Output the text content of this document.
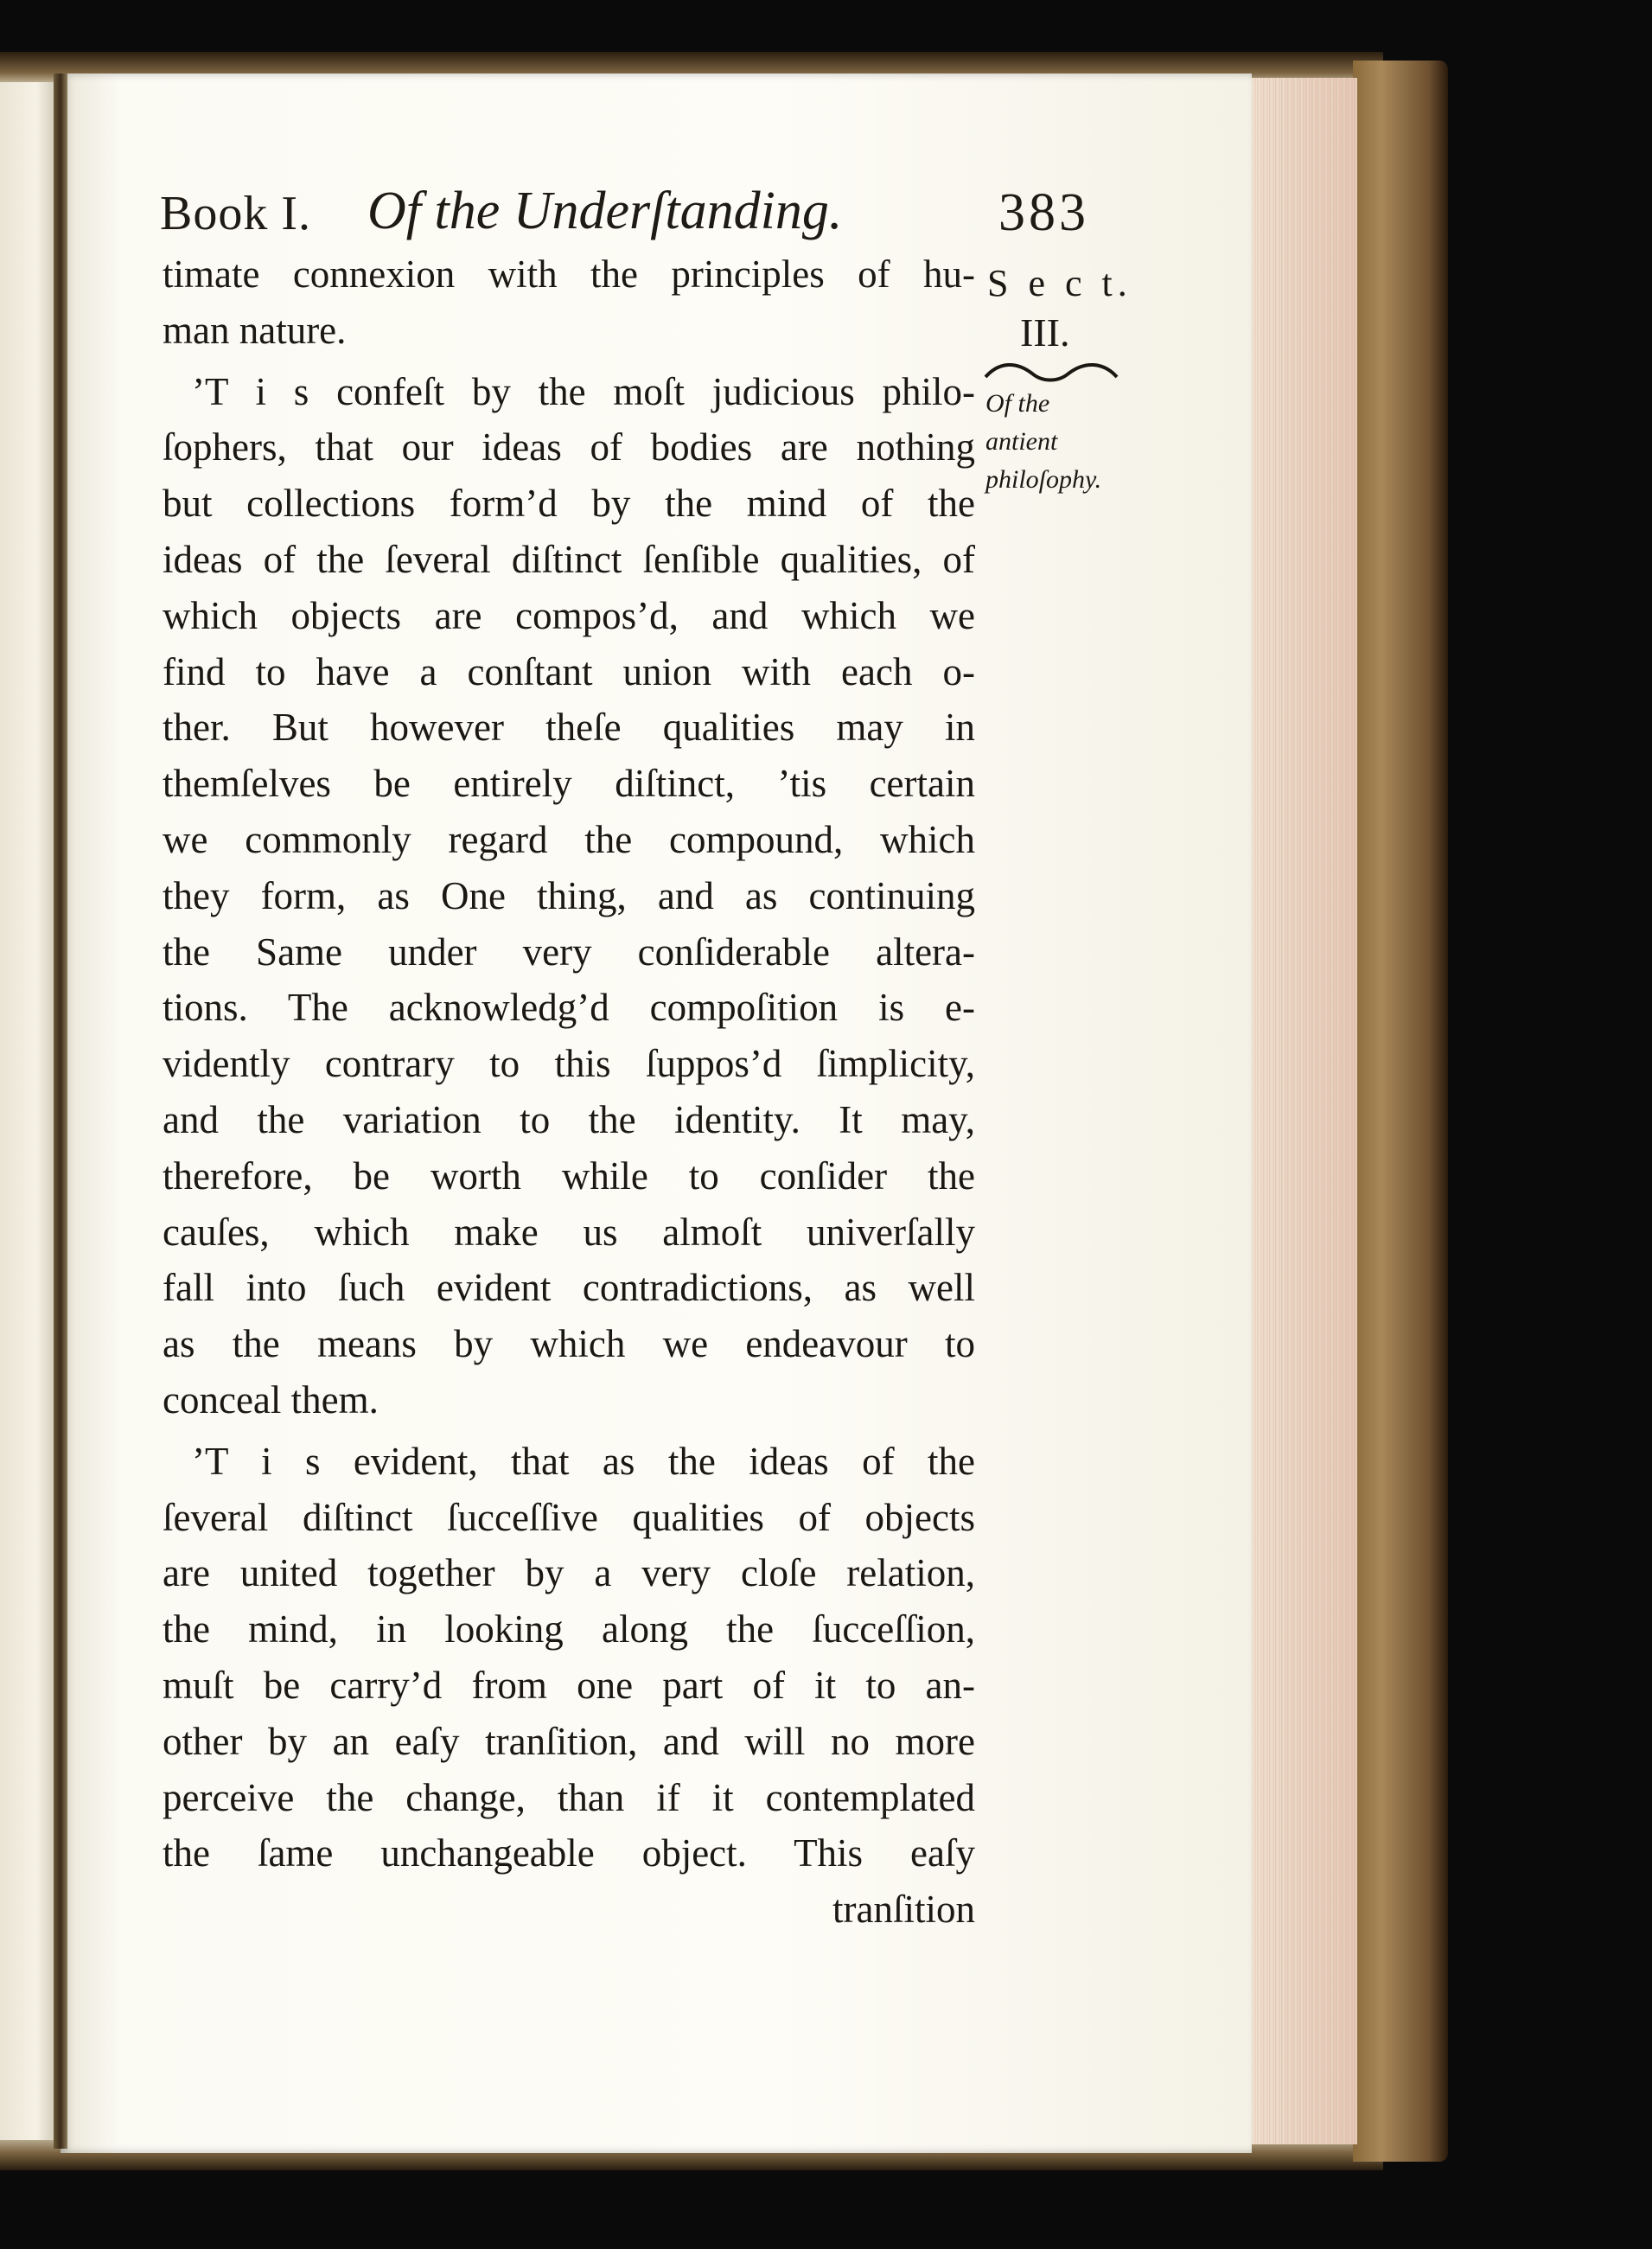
Book I. Of the Underſtanding.	383
S e c t.
III.
Of the
antient
philoſophy.
timate connexion with the principles of hu-
man nature.
’T i s confeſt by the moſt judicious philo-
ſophers, that our ideas of bodies are nothing
but collections form’d by the mind of the
ideas of the ſeveral diſtinct ſenſible qualities, of
which objects are compos’d, and which we
find to have a conſtant union with each o-
ther. But however theſe qualities may in
themſelves be entirely diſtinct, ’tis certain
we commonly regard the compound, which
they form, as One thing, and as continuing
the Same under very conſiderable altera-
tions. The acknowledg’d compoſition is e-
vidently contrary to this ſuppos’d ſimplicity,
and the variation to the identity. It may,
therefore, be worth while to conſider the
cauſes, which make us almoſt univerſally
fall into ſuch evident contradictions, as well
as the means by which we endeavour to
conceal them.
’T i s evident, that as the ideas of the
ſeveral diſtinct ſucceſſive qualities of objects
are united together by a very cloſe relation,
the mind, in looking along the ſucceſſion,
muſt be carry’d from one part of it to an-
other by an eaſy tranſition, and will no more
perceive the change, than if it contemplated
the ſame unchangeable object. This eaſy
tranſition
